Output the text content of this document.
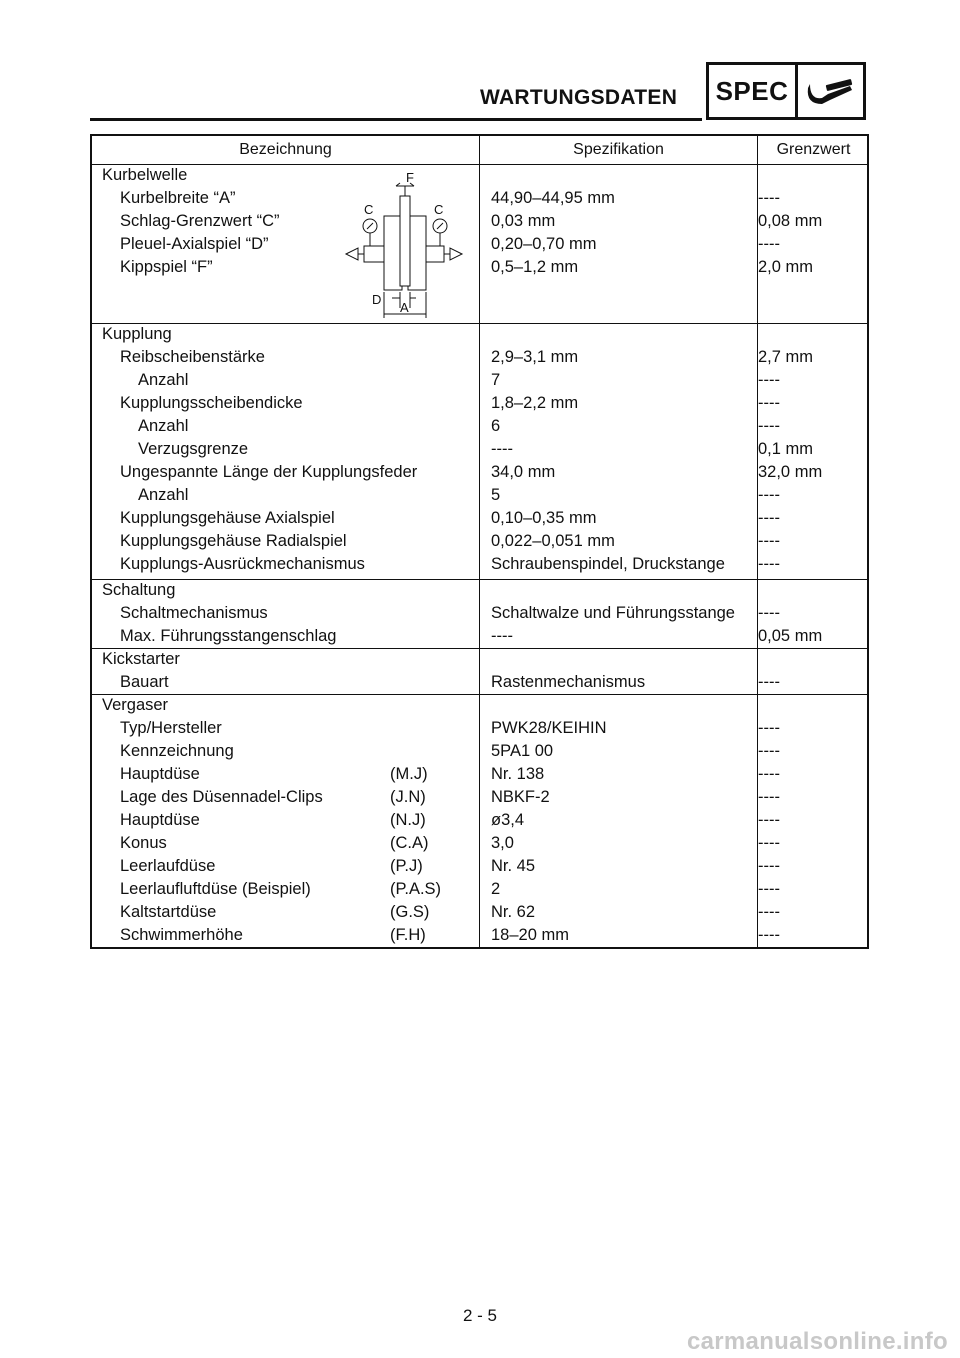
WARTUNGSDATEN SPEC
Bezeichnung	Spezifikation	Grenzwert
Kurbelwelle
Kurbelbreite “A”	44,90–44,95 mm	----
Schlag-Grenzwert “C”	0,03 mm	0,08 mm
Pleuel-Axialspiel “D”	0,20–0,70 mm	----
Kippspiel “F”	0,5–1,2 mm	2,0 mm
F
C	C
D
A
Kupplung
Reibscheibenstärke	2,9–3,1 mm	2,7 mm
Anzahl	7	----
Kupplungsscheibendicke	1,8–2,2 mm	----
Anzahl	6	----
Verzugsgrenze	----	0,1 mm
Ungespannte Länge der Kupplungsfeder	34,0 mm	32,0 mm
Anzahl	5	----
Kupplungsgehäuse Axialspiel	0,10–0,35 mm	----
Kupplungsgehäuse Radialspiel	0,022–0,051 mm	----
Kupplungs-Ausrückmechanismus	Schraubenspindel, Druckstange ----
Schaltung
Schaltmechanismus	Schaltwalze und Führungsstange ----
Max. Führungsstangenschlag	----	0,05 mm
Kickstarter
Bauart	Rastenmechanismus	----
Vergaser
Typ/Hersteller	PWK28/KEIHIN	----
Kennzeichnung	5PA1 00	----
Hauptdüse	(M.J)	Nr. 138	----
Lage des Düsennadel-Clips	(J.N)	NBKF-2	----
Hauptdüse	(N.J)	ø3,4	----
Konus	(C.A)	3,0	----
Leerlaufdüse	(P.J)	Nr. 45	----
Leerlaufluftdüse (Beispiel)	(P.A.S)	2	----
Kaltstartdüse	(G.S)	Nr. 62	----
Schwimmerhöhe	(F.H)	18–20 mm	----
2 - 5
carmanualsonline.info
